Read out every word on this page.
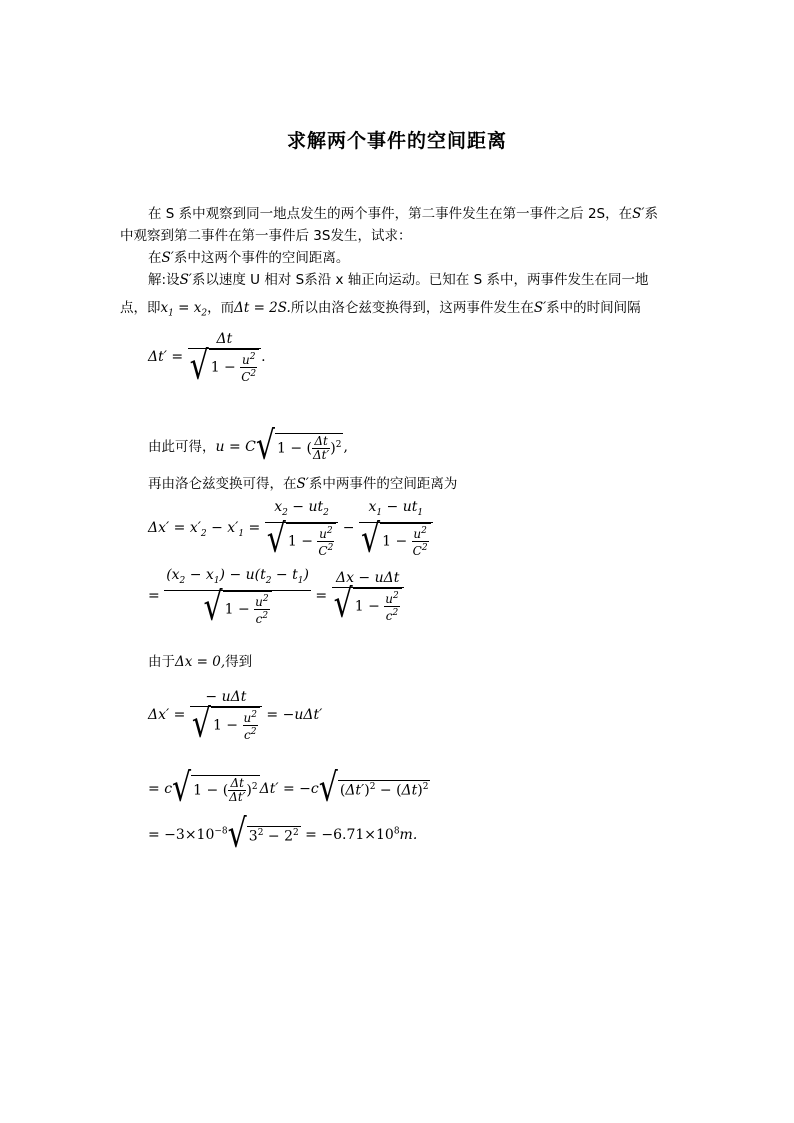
求解两个事件的空间距离
在 S 系中观察到同一地点发生的两个事件，第二事件发生在第一事件之后 2S，在S′系
中观察到第二事件在第一事件后 3S发生，试求：
在S′系中这两个事件的空间距离。
解:设S′系以速度 U 相对 S系沿 x 轴正向运动。已知在 S 系中，两事件发生在同一地
点，即$x_1 = x_2$，而Δt = 2S.所以由洛仑兹变换得到，这两事件发生在S′系中的时间间隔
$\Delta t' = \frac{\Delta t}{√ 1 - \frac{u^2}{C^2}}$ .
由此可得，u = C√ 1 − ( $\frac{\Delta t}{\Delta t'} )^2$ ,
再由洛仑兹变换可得，在S′系中两事件的空间距离为
$\Delta x' = x'_2 - x'_1 = \frac{x_2 - ut_2}{√ 1 - \frac{u^2}{C^2}} - \frac{x_1 - ut_1}{√ 1 - \frac{u^2}{C^2}}$
= $\frac{(x_2 - x_1) - u(t_2 - t_1)}{√ 1 - \frac{u^2}{c^2}} = \frac{\text{Δx − uΔt}}{√ 1 - \frac{u^2}{c^2}}$
由于Δx = 0,得到
$\Delta x' = \frac{\text{− uΔt}}{√ 1 - \frac{u^2}{c^2}} = -u\Delta t'$
= c√ 1 − ( $\frac{\Delta t}{\Delta t'} )^2$ Δt′ = −c√ $(\Delta t')^2 - (\Delta t)^2$
= $-3\times 10^{-8}√$ $3^2 - 2^2 = -6.71\times 10^8m$.
